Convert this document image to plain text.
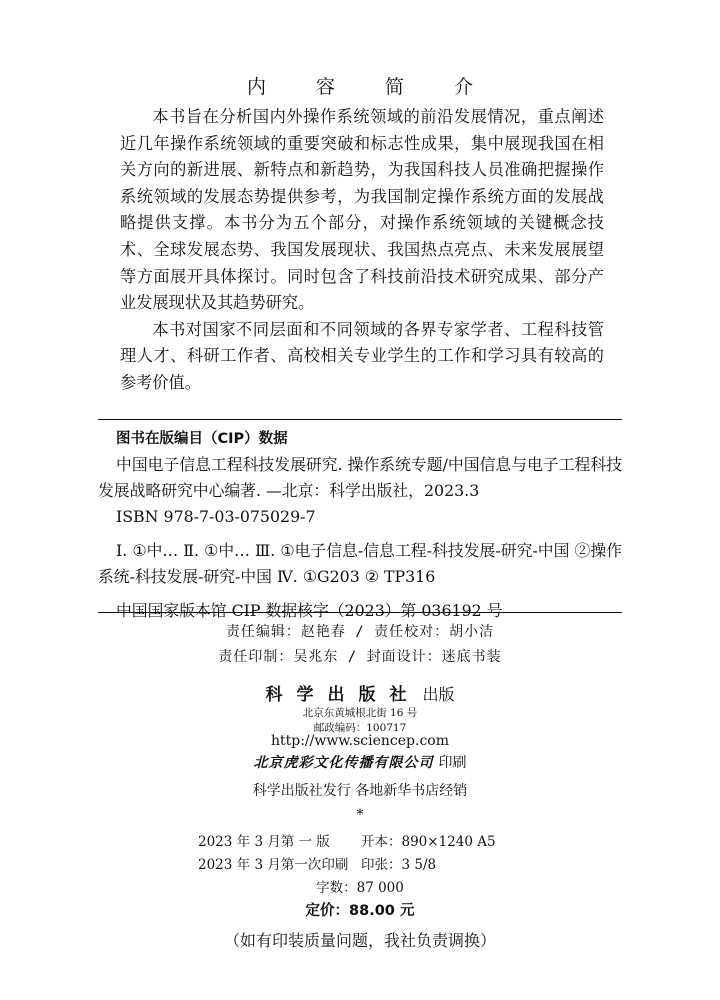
内 容 简 介

本书旨在分析国内外操作系统领域的前沿发展情况，重点阐述近几年操作系统领域的重要突破和标志性成果，集中展现我国在相关方向的新进展、新特点和新趋势，为我国科技人员准确把握操作系统领域的发展态势提供参考，为我国制定操作系统方面的发展战略提供支撑。本书分为五个部分，对操作系统领域的关键概念技术、全球发展态势、我国发展现状、我国热点亮点、未来发展展望等方面展开具体探讨。同时包含了科技前沿技术研究成果、部分产业发展现状及其趋势研究。

本书对国家不同层面和不同领域的各界专家学者、工程科技管理人才、科研工作者、高校相关专业学生的工作和学习具有较高的参考价值。

图书在版编目（CIP）数据

中国电子信息工程科技发展研究. 操作系统专题/中国信息与电子工程科技发展战略研究中心编著. —北京：科学出版社，2023.3

ISBN 978-7-03-075029-7

Ⅰ. ①中… Ⅱ. ①中… Ⅲ. ①电子信息-信息工程-科技发展-研究-中国 ②操作系统-科技发展-研究-中国 Ⅳ. ①G203 ② TP316

中国国家版本馆 CIP 数据核字（2023）第 036192 号

责任编辑：赵艳春 / 责任校对：胡小洁
责任印制：吴兆东 / 封面设计：迷底书装
科学出版社 出版
北京东黄城根北街 16 号
邮政编码：100717
http://www.sciencep.com
北京虎彩文化传播有限公司 印刷
科学出版社发行 各地新华书店经销
*
2023 年 3 月第 一 版 开本：890×1240 A5
2023 年 3 月第一次印刷 印张：3 5/8
字数：87 000
定价：88.00 元
（如有印装质量问题，我社负责调换）
